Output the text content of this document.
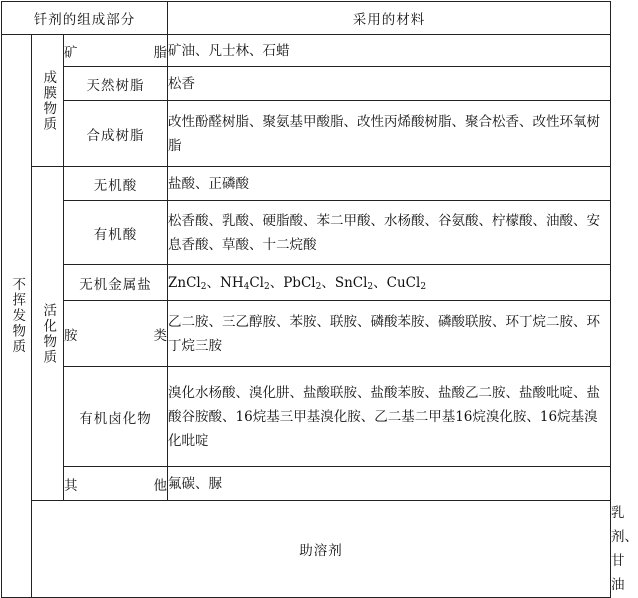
钎剂的组成部分			采用的材料	

不挥发物质	成膜物质	矿脂	矿油、凡士林、石蜡	
		天然树脂	松香	
		合成树脂	改性酚醛树脂、聚氨基甲酸脂、改性丙烯酸树脂、聚合松香、改性环氧树脂	

	活化物质	无机酸	盐酸、正磷酸	
		有机酸	松香酸、乳酸、硬脂酸、苯二甲酸、水杨酸、谷氨酸、柠檬酸、油酸、安息香酸、草酸、十二烷酸	
		无机金属盐	ZnCl$_2$、$NH_4Cl_2$、PbCl$_2$、SnCl$_2$、CuCl$_2$
		胺类	乙二胺、三乙醇胺、苯胺、联胺、磷酸苯胺、磷酸联胺、环丁烷二胺、环丁烷三胺	
		有机卤化物	溴化水杨酸、溴化肼、盐酸联胺、盐酸苯胺、盐酸乙二胺、盐酸吡啶、盐酸谷胺酸、16烷基三甲基溴化胺、乙二基二甲基16烷溴化胺、16烷基溴化吡啶	
		其他	氟碳、脲	
	助溶剂			乳剂、甘油
